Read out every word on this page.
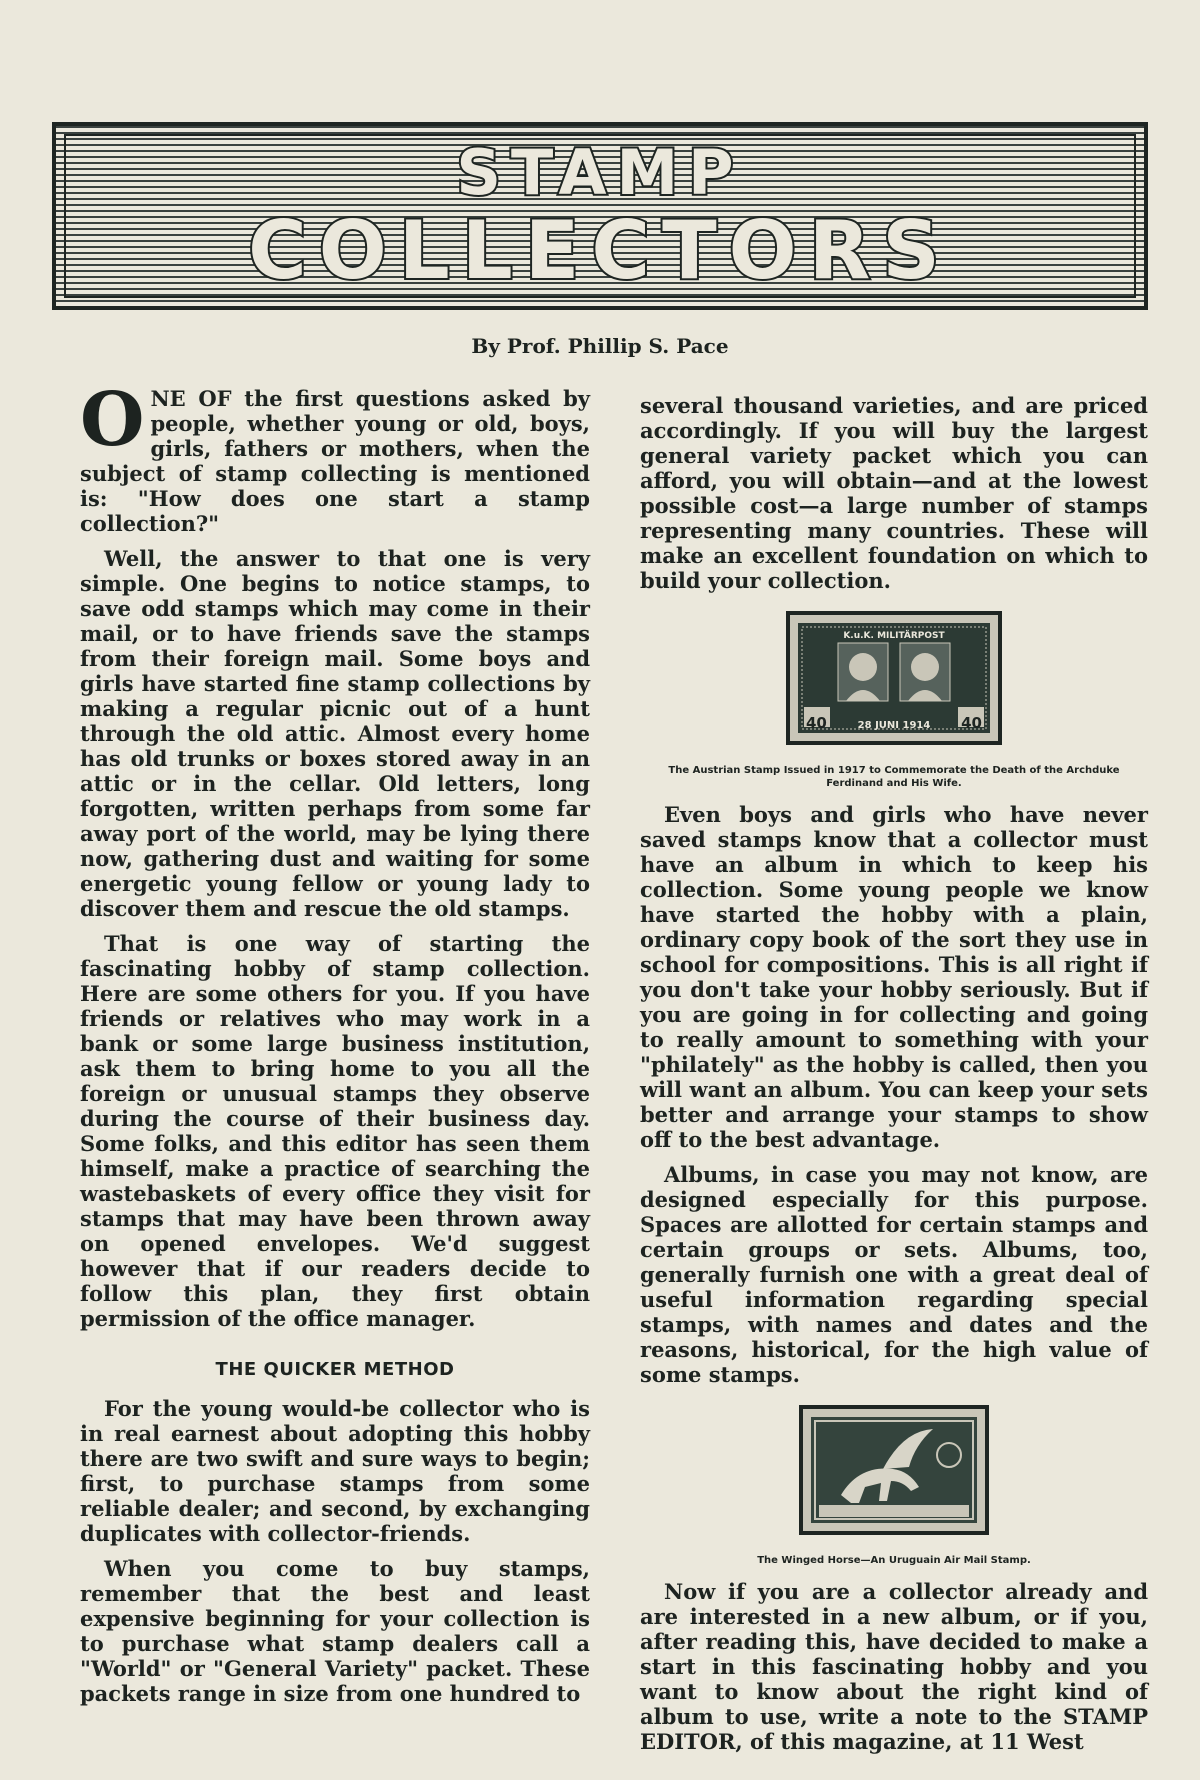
STAMP
COLLECTORS
By Prof. Phillip S. Pace

ONE OF the first questions asked by people, whether young or old, boys, girls, fathers or mothers, when the subject of stamp collecting is mentioned is: "How does one start a stamp collection?"

Well, the answer to that one is very simple. One begins to notice stamps, to save odd stamps which may come in their mail, or to have friends save the stamps from their foreign mail. Some boys and girls have started fine stamp collections by making a regular picnic out of a hunt through the old attic. Almost every home has old trunks or boxes stored away in an attic or in the cellar. Old letters, long forgotten, written perhaps from some far away port of the world, may be lying there now, gathering dust and waiting for some energetic young fellow or young lady to discover them and rescue the old stamps.

That is one way of starting the fascinating hobby of stamp collection. Here are some others for you. If you have friends or relatives who may work in a bank or some large business institution, ask them to bring home to you all the foreign or unusual stamps they observe during the course of their business day. Some folks, and this editor has seen them himself, make a practice of searching the wastebaskets of every office they visit for stamps that may have been thrown away on opened envelopes. We'd suggest however that if our readers decide to follow this plan, they first obtain permission of the office manager.

THE QUICKER METHOD

For the young would-be collector who is in real earnest about adopting this hobby there are two swift and sure ways to begin; first, to purchase stamps from some reliable dealer; and second, by exchanging duplicates with collector-friends.

When you come to buy stamps, remember that the best and least expensive beginning for your collection is to purchase what stamp dealers call a "World" or "General Variety" packet. These packets range in size from one hundred to

several thousand varieties, and are priced accordingly. If you will buy the largest general variety packet which you can afford, you will obtain—and at the lowest possible cost—a large number of stamps representing many countries. These will make an excellent foundation on which to build your collection.

K.u.K. MILITÄRPOST
40	40
28 JUNI 1914
The Austrian Stamp Issued in 1917 to Commemorate the Death of the Archduke Ferdinand and His Wife.

Even boys and girls who have never saved stamps know that a collector must have an album in which to keep his collection. Some young people we know have started the hobby with a plain, ordinary copy book of the sort they use in school for compositions. This is all right if you don't take your hobby seriously. But if you are going in for collecting and going to really amount to something with your "philately" as the hobby is called, then you will want an album. You can keep your sets better and arrange your stamps to show off to the best advantage.

Albums, in case you may not know, are designed especially for this purpose. Spaces are allotted for certain stamps and certain groups or sets. Albums, too, generally furnish one with a great deal of useful information regarding special stamps, with names and dates and the reasons, historical, for the high value of some stamps.

The Winged Horse—An Uruguain Air Mail Stamp.

Now if you are a collector already and are interested in a new album, or if you, after reading this, have decided to make a start in this fascinating hobby and you want to know about the right kind of album to use, write a note to the STAMP EDITOR, of this magazine, at 11 West
